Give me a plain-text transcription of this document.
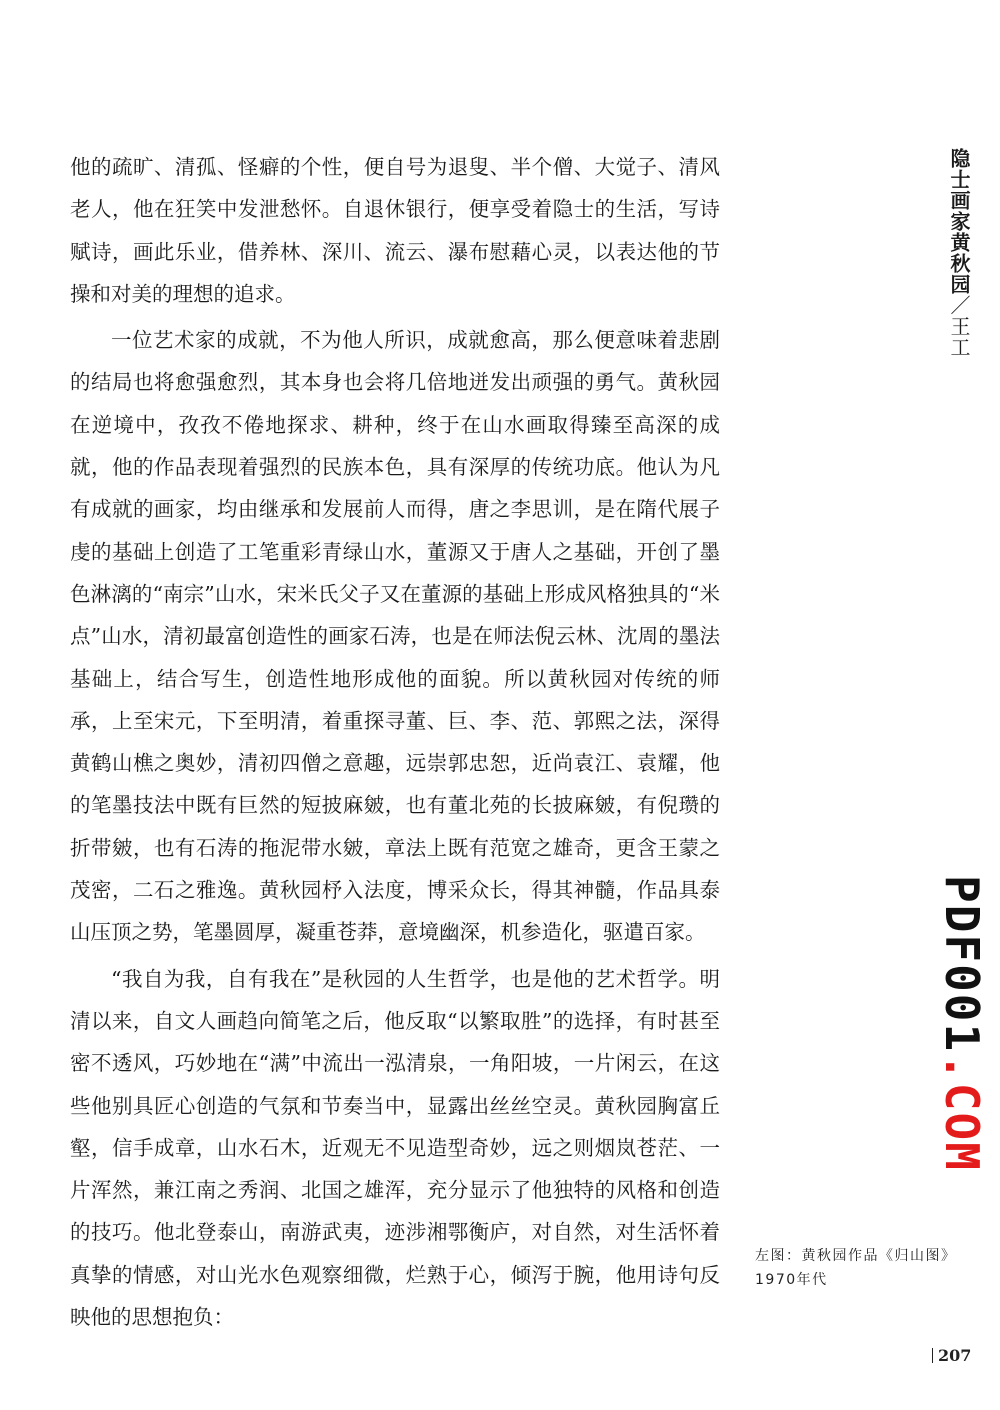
他的疏旷、清孤、怪癖的个性，便自号为退叟、半个僧、大觉子、清风老人，他在狂笑中发泄愁怀。自退休银行，便享受着隐士的生活，写诗赋诗，画此乐业，借养林、深川、流云、瀑布慰藉心灵，以表达他的节操和对美的理想的追求。

一位艺术家的成就，不为他人所识，成就愈高，那么便意味着悲剧的结局也将愈强愈烈，其本身也会将几倍地迸发出顽强的勇气。黄秋园在逆境中，孜孜不倦地探求、耕种，终于在山水画取得臻至高深的成就，他的作品表现着强烈的民族本色，具有深厚的传统功底。他认为凡有成就的画家，均由继承和发展前人而得，唐之李思训，是在隋代展子虔的基础上创造了工笔重彩青绿山水，董源又于唐人之基础，开创了墨色淋漓的“南宗”山水，宋米氏父子又在董源的基础上形成风格独具的“米点”山水，清初最富创造性的画家石涛，也是在师法倪云林、沈周的墨法基础上，结合写生，创造性地形成他的面貌。所以黄秋园对传统的师承，上至宋元，下至明清，着重探寻董、巨、李、范、郭熙之法，深得黄鹤山樵之奥妙，清初四僧之意趣，远崇郭忠恕，近尚袁江、袁耀，他的笔墨技法中既有巨然的短披麻皴，也有董北苑的长披麻皴，有倪瓒的折带皴，也有石涛的拖泥带水皴，章法上既有范宽之雄奇，更含王蒙之茂密，二石之雅逸。黄秋园杼入法度，博采众长，得其神髓，作品具泰山压顶之势，笔墨圆厚，凝重苍莽，意境幽深，机参造化，驱遣百家。

“我自为我，自有我在”是秋园的人生哲学，也是他的艺术哲学。明清以来，自文人画趋向简笔之后，他反取“以繁取胜”的选择，有时甚至密不透风，巧妙地在“满”中流出一泓清泉，一角阳坡，一片闲云，在这些他别具匠心创造的气氛和节奏当中，显露出丝丝空灵。黄秋园胸富丘壑，信手成章，山水石木，近观无不见造型奇妙，远之则烟岚苍茫、一片浑然，兼江南之秀润、北国之雄浑，充分显示了他独特的风格和创造的技巧。他北登泰山，南游武夷，迹涉湘鄂衡庐，对自然，对生活怀着真挚的情感，对山光水色观察细微，烂熟于心，倾泻于腕，他用诗句反映他的思想抱负：

隐士画家黄秋园／王工
PDF001.COM
左图：黄秋园作品《归山图》
1970年代
207
